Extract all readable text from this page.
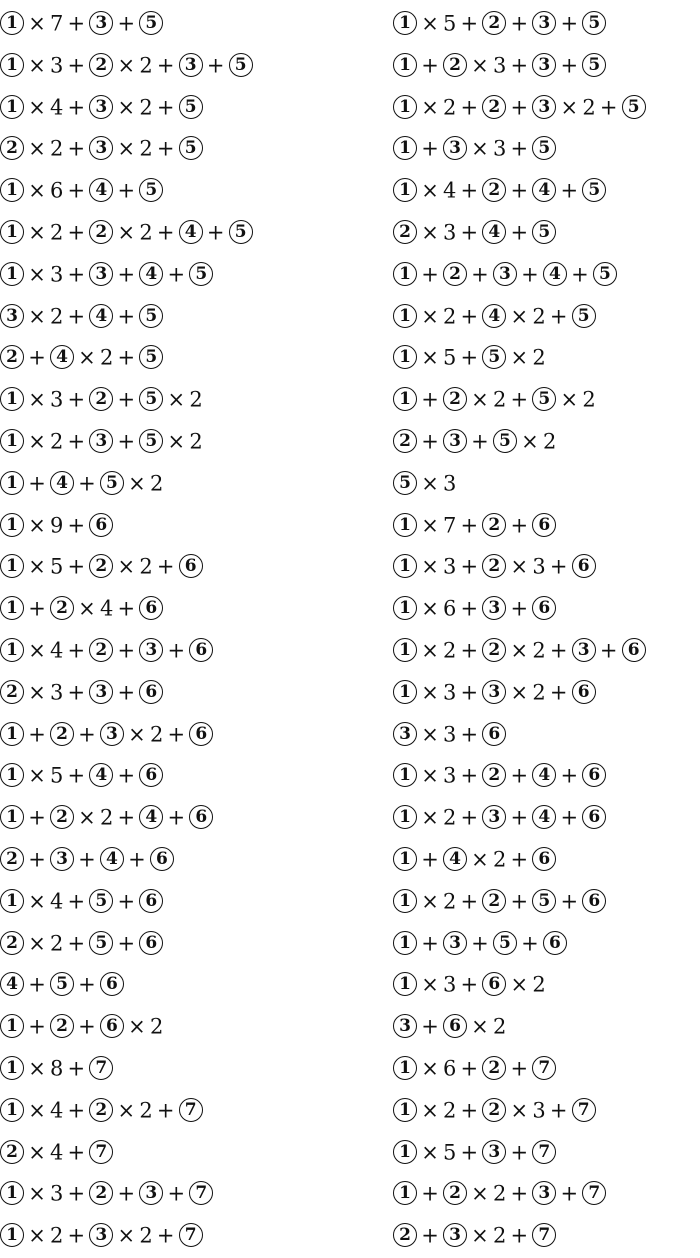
1 × 7 + 3 + 5
1 × 3 + 2 × 2 + 3 + 5
1 × 4 + 3 × 2 + 5
2 × 2 + 3 × 2 + 5
1 × 6 + 4 + 5
1 × 2 + 2 × 2 + 4 + 5
1 × 3 + 3 + 4 + 5
3 × 2 + 4 + 5
2 + 4 × 2 + 5
1 × 3 + 2 + 5 × 2
1 × 2 + 3 + 5 × 2
1 + 4 + 5 × 2
1 × 9 + 6
1 × 5 + 2 × 2 + 6
1 + 2 × 4 + 6
1 × 4 + 2 + 3 + 6
2 × 3 + 3 + 6
1 + 2 + 3 × 2 + 6
1 × 5 + 4 + 6
1 + 2 × 2 + 4 + 6
2 + 3 + 4 + 6
1 × 4 + 5 + 6
2 × 2 + 5 + 6
4 + 5 + 6
1 + 2 + 6 × 2
1 × 8 + 7
1 × 4 + 2 × 2 + 7
2 × 4 + 7
1 × 3 + 2 + 3 + 7
1 × 2 + 3 × 2 + 7
1 × 5 + 2 + 3 + 5
1 + 2 × 3 + 3 + 5
1 × 2 + 2 + 3 × 2 + 5
1 + 3 × 3 + 5
1 × 4 + 2 + 4 + 5
2 × 3 + 4 + 5
1 + 2 + 3 + 4 + 5
1 × 2 + 4 × 2 + 5
1 × 5 + 5 × 2
1 + 2 × 2 + 5 × 2
2 + 3 + 5 × 2
5 × 3
1 × 7 + 2 + 6
1 × 3 + 2 × 3 + 6
1 × 6 + 3 + 6
1 × 2 + 2 × 2 + 3 + 6
1 × 3 + 3 × 2 + 6
3 × 3 + 6
1 × 3 + 2 + 4 + 6
1 × 2 + 3 + 4 + 6
1 + 4 × 2 + 6
1 × 2 + 2 + 5 + 6
1 + 3 + 5 + 6
1 × 3 + 6 × 2
3 + 6 × 2
1 × 6 + 2 + 7
1 × 2 + 2 × 3 + 7
1 × 5 + 3 + 7
1 + 2 × 2 + 3 + 7
2 + 3 × 2 + 7
